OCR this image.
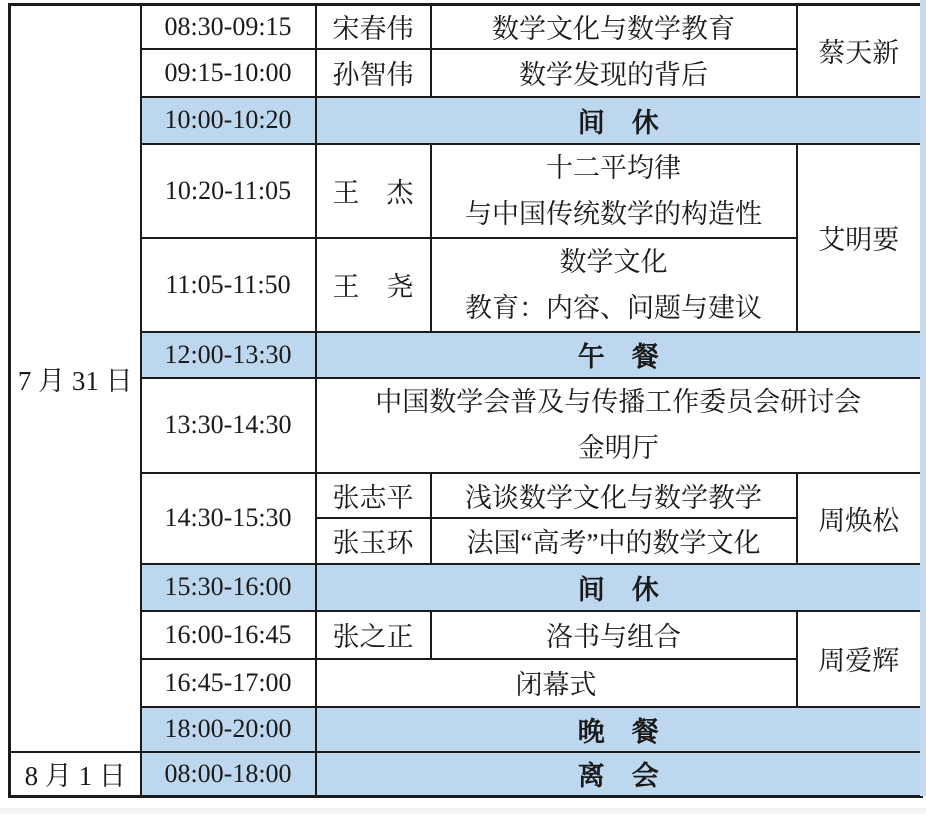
7 月 31 日	08:30-09:15	宋春伟	数学文化与数学教育	蔡天新
	09:15-10:00	孙智伟	数学发现的背后	
	10:00-10:20	间　休		
	10:20-11:05	王　杰	十二平均律
与中国传统数学的构造性	艾明要
	11:05-11:50	王　尧	数学文化
教育：内容、问题与建议	

	12:00-13:30	午　餐		
	13:30-14:30	中国数学会普及与传播工作委员会研讨会
金明厅		

	14:30-15:30	张志平	浅谈数学文化与数学教学	周焕松
		张玉环	法国“高考”中的数学文化	
	15:30-16:00	间　休		
	16:00-16:45	张之正	洛书与组合	周爱辉
	16:45-17:00	闭幕式		
	18:00-20:00	晚　餐		
8 月 1 日	08:00-18:00	离　会		
